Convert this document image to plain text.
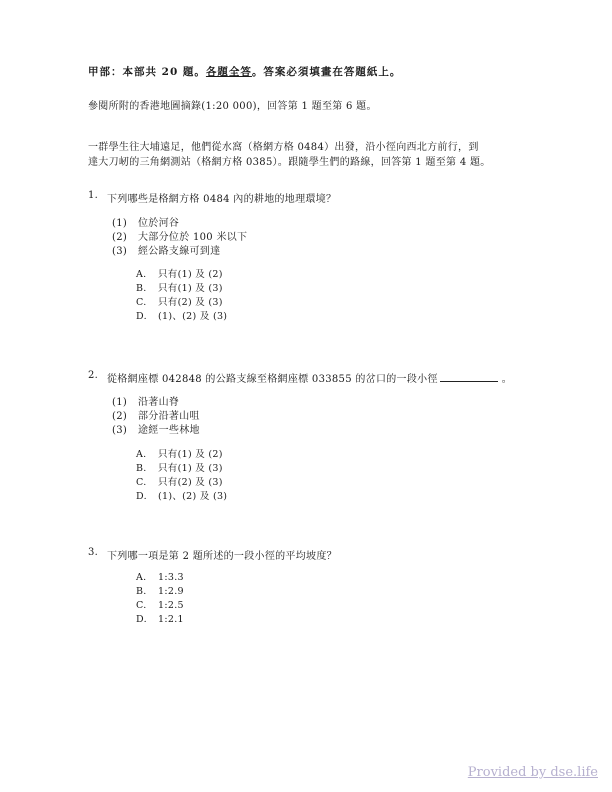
甲部：本部共 20 題。各題全答。答案必須填畫在答題紙上。
參閱所附的香港地圖摘錄(1:20 000)，回答第 1 題至第 6 題。
一群學生往大埔遠足，他們從水窩（格網方格 0484）出發，沿小徑向西北方前行，到
達大刀屻的三角網測站（格網方格 0385）。跟隨學生們的路線，回答第 1 題至第 4 題。
1. 下列哪些是格網方格 0484 內的耕地的地理環境？
(1) 位於河谷
(2) 大部分位於 100 米以下
(3) 經公路支線可到達
A. 只有(1) 及 (2)
B. 只有(1) 及 (3)
C. 只有(2) 及 (3)
D. (1)、(2) 及 (3)
2. 從格網座標 042848 的公路支線至格網座標 033855 的岔口的一段小徑	。
(1) 沿著山脊
(2) 部分沿著山咀
(3) 途經一些林地
A. 只有(1) 及 (2)
B. 只有(1) 及 (3)
C. 只有(2) 及 (3)
D. (1)、(2) 及 (3)
3. 下列哪一項是第 2 題所述的一段小徑的平均坡度？
A. 1:3.3
B. 1:2.9
C. 1:2.5
D. 1:2.1
Provided by dse.life
